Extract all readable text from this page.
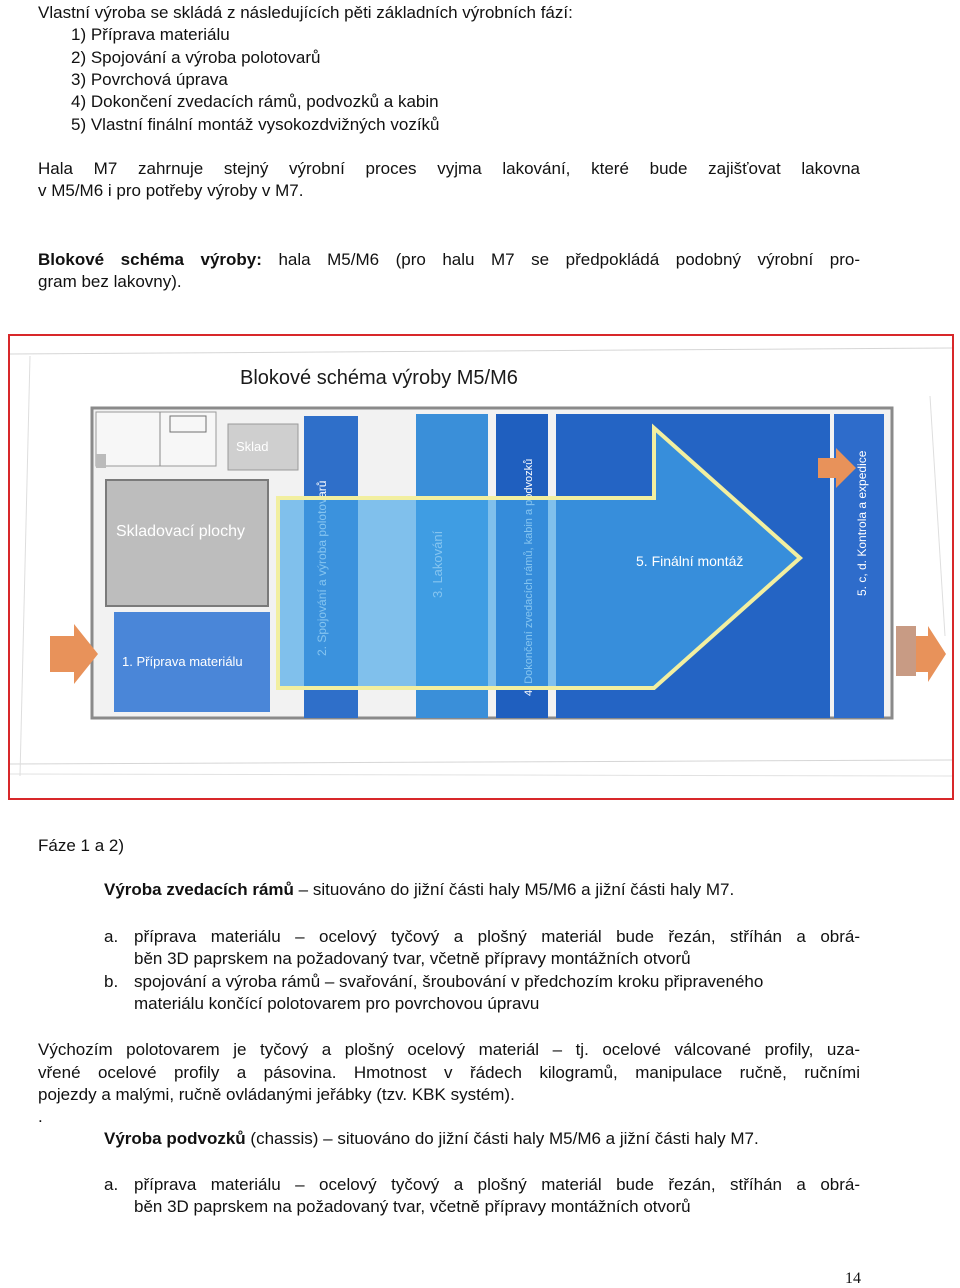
Vlastní výroba se skládá z následujících pěti základních výrobních fází:
1) Příprava materiálu
2) Spojování a výroba polotovarů
3) Povrchová úprava
4) Dokončení zvedacích rámů, podvozků a kabin
5) Vlastní finální montáž vysokozdvižných vozíků
Hala M7 zahrnuje stejný výrobní proces vyjma lakování, které bude zajišťovat lakovna
v M5/M6 i pro potřeby výroby v M7.
Blokové schéma výroby: hala M5/M6 (pro halu M7 se předpokládá podobný výrobní pro-
gram bez lakovny).
Blokové schéma výroby M5/M6
Sklad
Skladovací plochy
1. Příprava materiálu
5. c, d. Kontrola a expedice
5. Finální montáž
Fáze 1 a 2)
Výroba zvedacích rámů – situováno do jižní části haly M5/M6 a jižní části haly M7.
a. příprava materiálu – ocelový tyčový a plošný materiál bude řezán, stříhán a obrá-
běn 3D paprskem na požadovaný tvar, včetně přípravy montážních otvorů
b. spojování a výroba rámů – svařování, šroubování v předchozím kroku připraveného
materiálu končící polotovarem pro povrchovou úpravu
Výchozím polotovarem je tyčový a plošný ocelový materiál – tj. ocelové válcované profily, uza-
vřené ocelové profily a pásovina. Hmotnost v řádech kilogramů, manipulace ručně, ručními
pojezdy a malými, ručně ovládanými jeřábky (tzv. KBK systém).
.
Výroba podvozků (chassis) – situováno do jižní části haly M5/M6 a jižní části haly M7.
a. příprava materiálu – ocelový tyčový a plošný materiál bude řezán, stříhán a obrá-
běn 3D paprskem na požadovaný tvar, včetně přípravy montážních otvorů
14
